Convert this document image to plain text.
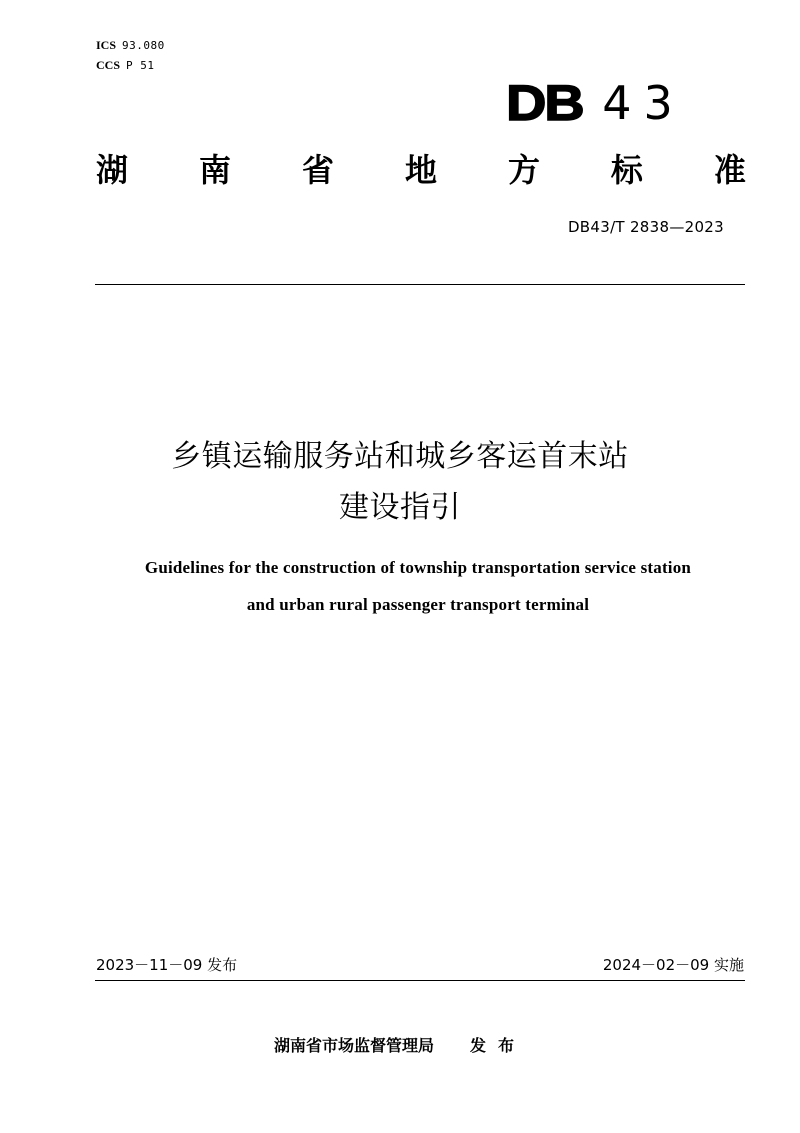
ICS 93.080
CCS P 51
DB 43
湖 南 省 地 方 标 准
DB43/T 2838—2023
乡镇运输服务站和城乡客运首末站
建设指引
Guidelines for the construction of township transportation service station
and urban rural passenger transport terminal
2023－11－09 发布	2024－02－09 实施
湖南省市场监督管理局 发布
